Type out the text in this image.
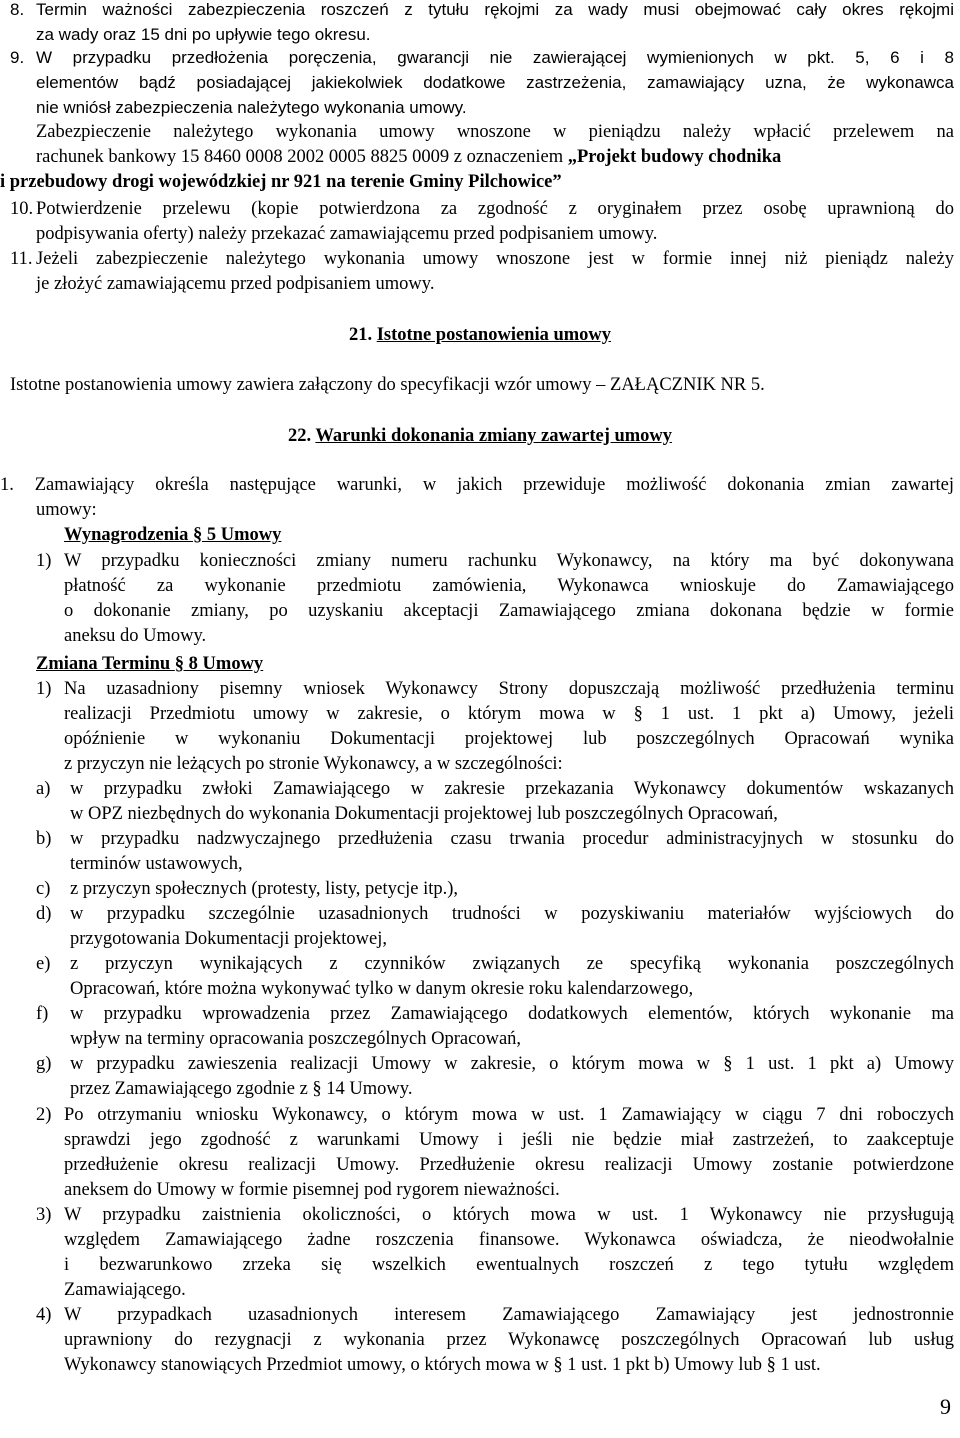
8. Termin ważności zabezpieczenia roszczeń z tytułu rękojmi za wady musi obejmować cały okres rękojmi
za wady oraz 15 dni po upływie tego okresu.
9. W przypadku przedłożenia poręczenia, gwarancji nie zawierającej wymienionych w pkt. 5, 6 i 8
elementów bądź posiadającej jakiekolwiek dodatkowe zastrzeżenia, zamawiający uzna, że wykonawca
nie wniósł zabezpieczenia należytego wykonania umowy.
Zabezpieczenie należytego wykonania umowy wnoszone w pieniądzu należy wpłacić przelewem na
rachunek bankowy 15 8460 0008 2002 0005 8825 0009 z oznaczeniem „Projekt budowy chodnika
i przebudowy drogi wojewódzkiej nr 921 na terenie Gminy Pilchowice”
10. Potwierdzenie przelewu (kopie potwierdzona za zgodność z oryginałem przez osobę uprawnioną do
podpisywania oferty) należy przekazać zamawiającemu przed podpisaniem umowy.
11. Jeżeli zabezpieczenie należytego wykonania umowy wnoszone jest w formie innej niż pieniądz należy
je złożyć zamawiającemu przed podpisaniem umowy.
21. Istotne postanowienia umowy
Istotne postanowienia umowy zawiera załączony do specyfikacji wzór umowy – ZAŁĄCZNIK NR 5.
22. Warunki dokonania zmiany zawartej umowy
1. Zamawiający określa następujące warunki, w jakich przewiduje możliwość dokonania zmian zawartej
umowy:
Wynagrodzenia § 5 Umowy
1) W przypadku konieczności zmiany numeru rachunku Wykonawcy, na który ma być dokonywana
płatność za wykonanie przedmiotu zamówienia, Wykonawca wnioskuje do Zamawiającego
o dokonanie zmiany, po uzyskaniu akceptacji Zamawiającego zmiana dokonana będzie w formie
aneksu do Umowy.
Zmiana Terminu § 8 Umowy
1) Na uzasadniony pisemny wniosek Wykonawcy Strony dopuszczają możliwość przedłużenia terminu
realizacji Przedmiotu umowy w zakresie, o którym mowa w § 1 ust. 1 pkt a) Umowy, jeżeli
opóźnienie w wykonaniu Dokumentacji projektowej lub poszczególnych Opracowań wynika
z przyczyn nie leżących po stronie Wykonawcy, a w szczególności:
a) w przypadku zwłoki Zamawiającego w zakresie przekazania Wykonawcy dokumentów wskazanych
w OPZ niezbędnych do wykonania Dokumentacji projektowej lub poszczególnych Opracowań,
b) w przypadku nadzwyczajnego przedłużenia czasu trwania procedur administracyjnych w stosunku do
terminów ustawowych,
c) z przyczyn społecznych (protesty, listy, petycje itp.),
d) w przypadku szczególnie uzasadnionych trudności w pozyskiwaniu materiałów wyjściowych do
przygotowania Dokumentacji projektowej,
e) z przyczyn wynikających z czynników związanych ze specyfiką wykonania poszczególnych
Opracowań, które można wykonywać tylko w danym okresie roku kalendarzowego,
f) w przypadku wprowadzenia przez Zamawiającego dodatkowych elementów, których wykonanie ma
wpływ na terminy opracowania poszczególnych Opracowań,
g) w przypadku zawieszenia realizacji Umowy w zakresie, o którym mowa w § 1 ust. 1 pkt a) Umowy
przez Zamawiającego zgodnie z § 14 Umowy.
2) Po otrzymaniu wniosku Wykonawcy, o którym mowa w ust. 1 Zamawiający w ciągu 7 dni roboczych
sprawdzi jego zgodność z warunkami Umowy i jeśli nie będzie miał zastrzeżeń, to zaakceptuje
przedłużenie okresu realizacji Umowy. Przedłużenie okresu realizacji Umowy zostanie potwierdzone
aneksem do Umowy w formie pisemnej pod rygorem nieważności.
3) W przypadku zaistnienia okoliczności, o których mowa w ust. 1 Wykonawcy nie przysługują
względem Zamawiającego żadne roszczenia finansowe. Wykonawca oświadcza, że nieodwołalnie
i bezwarunkowo zrzeka się wszelkich ewentualnych roszczeń z tego tytułu względem
Zamawiającego.
4) W przypadkach uzasadnionych interesem Zamawiającego Zamawiający jest jednostronnie
uprawniony do rezygnacji z wykonania przez Wykonawcę poszczególnych Opracowań lub usług
Wykonawcy stanowiących Przedmiot umowy, o których mowa w § 1 ust. 1 pkt b) Umowy lub § 1 ust.
9
